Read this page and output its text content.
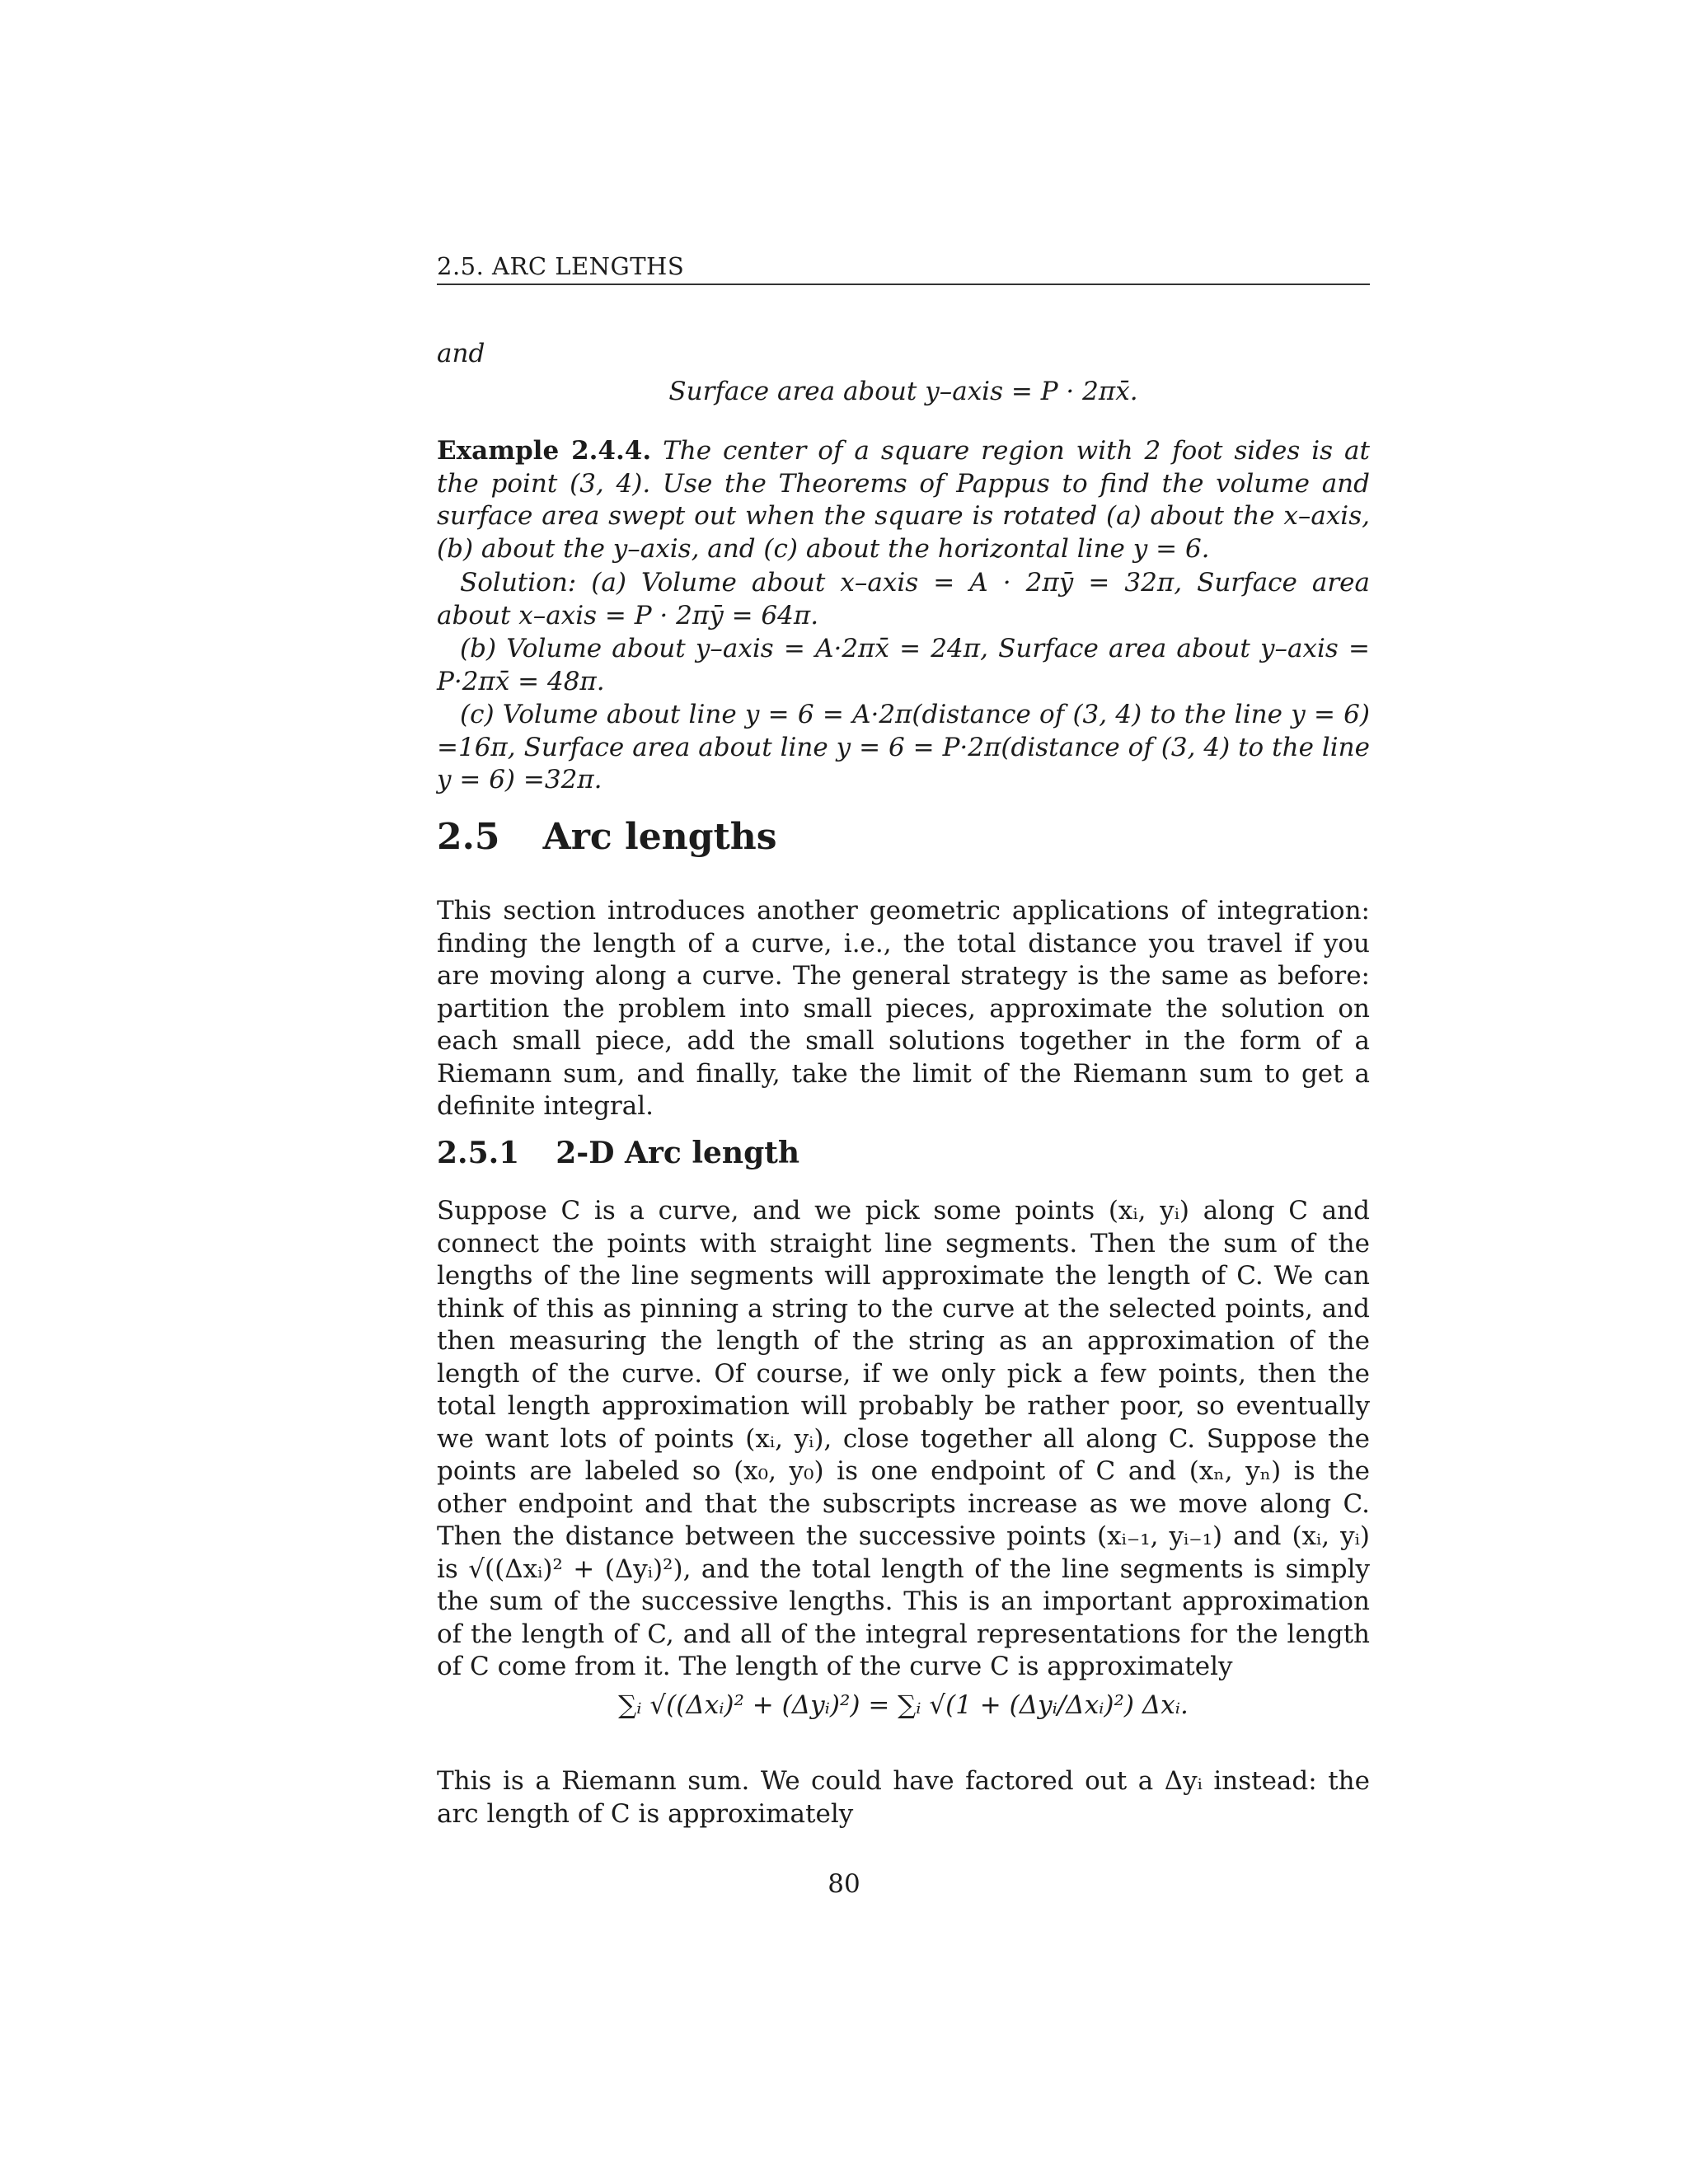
2.5. ARC LENGTHS
and
Surface area about y–axis = P · 2πx̄.
Example 2.4.4. The center of a square region with 2 foot sides is at the point (3, 4). Use the Theorems of Pappus to find the volume and surface area swept out when the square is rotated (a) about the x–axis, (b) about the y–axis, and (c) about the horizontal line y = 6.
Solution: (a) Volume about x–axis = A · 2πȳ = 32π, Surface area about x–axis = P · 2πȳ = 64π.
(b) Volume about y–axis = A·2πx̄ = 24π, Surface area about y–axis = P·2πx̄ = 48π.
(c) Volume about line y = 6 = A·2π(distance of (3, 4) to the line y = 6) =16π, Surface area about line y = 6 = P·2π(distance of (3, 4) to the line y = 6) =32π.
2.5 Arc lengths
This section introduces another geometric applications of integration: finding the length of a curve, i.e., the total distance you travel if you are moving along a curve. The general strategy is the same as before: partition the problem into small pieces, approximate the solution on each small piece, add the small solutions together in the form of a Riemann sum, and finally, take the limit of the Riemann sum to get a definite integral.
2.5.1 2-D Arc length
Suppose C is a curve, and we pick some points (xᵢ, yᵢ) along C and connect the points with straight line segments. Then the sum of the lengths of the line segments will approximate the length of C. We can think of this as pinning a string to the curve at the selected points, and then measuring the length of the string as an approximation of the length of the curve. Of course, if we only pick a few points, then the total length approximation will probably be rather poor, so eventually we want lots of points (xᵢ, yᵢ), close together all along C. Suppose the points are labeled so (x₀, y₀) is one endpoint of C and (xₙ, yₙ) is the other endpoint and that the subscripts increase as we move along C. Then the distance between the successive points (xᵢ₋₁, yᵢ₋₁) and (xᵢ, yᵢ) is √((Δxᵢ)² + (Δyᵢ)²), and the total length of the line segments is simply the sum of the successive lengths. This is an important approximation of the length of C, and all of the integral representations for the length of C come from it. The length of the curve C is approximately
∑ᵢ √((Δxᵢ)² + (Δyᵢ)²) = ∑ᵢ √(1 + (Δyᵢ/Δxᵢ)²) Δxᵢ.
This is a Riemann sum. We could have factored out a Δyᵢ instead: the arc length of C is approximately
80
